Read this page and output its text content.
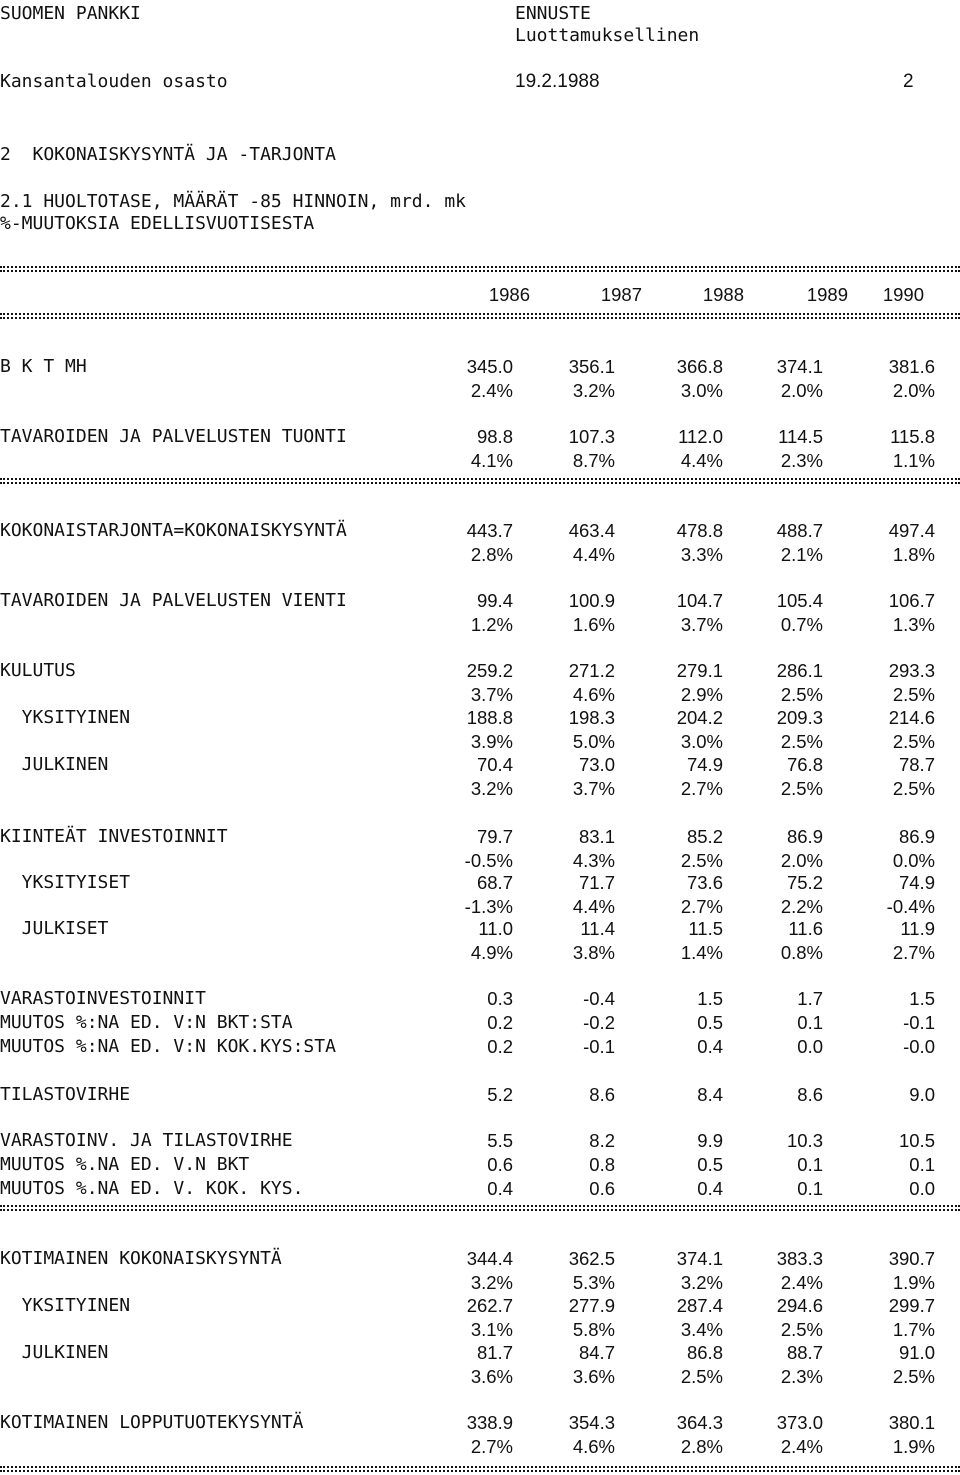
SUOMEN PANKKI	ENNUSTE
Luottamuksellinen
Kansantalouden osasto	19.2.1988	2
2  KOKONAISKYSYNTÄ JA -TARJONTA
2.1 HUOLTOTASE, MÄÄRÄT -85 HINNOIN, mrd. mk
%-MUUTOKSIA EDELLISVUOTISESTA
1986	1987	1988	1989	1990
B K T MH	345.0	356.1	366.8	374.1	381.6
2.4%	3.2%	3.0%	2.0%	2.0%
TAVAROIDEN JA PALVELUSTEN TUONTI	98.8	107.3	112.0	114.5	115.8
4.1%	8.7%	4.4%	2.3%	1.1%
KOKONAISTARJONTA=KOKONAISKYSYNTÄ	443.7	463.4	478.8	488.7	497.4
2.8%	4.4%	3.3%	2.1%	1.8%
TAVAROIDEN JA PALVELUSTEN VIENTI	99.4	100.9	104.7	105.4	106.7
1.2%	1.6%	3.7%	0.7%	1.3%
KULUTUS	259.2	271.2	279.1	286.1	293.3
3.7%	4.6%	2.9%	2.5%	2.5%
YKSITYINEN	188.8	198.3	204.2	209.3	214.6
3.9%	5.0%	3.0%	2.5%	2.5%
JULKINEN	70.4	73.0	74.9	76.8	78.7
3.2%	3.7%	2.7%	2.5%	2.5%
KIINTEÄT INVESTOINNIT	79.7	83.1	85.2	86.9	86.9
-0.5%	4.3%	2.5%	2.0%	0.0%
YKSITYISET	68.7	71.7	73.6	75.2	74.9
-1.3%	4.4%	2.7%	2.2%	-0.4%
JULKISET	11.0	11.4	11.5	11.6	11.9
4.9%	3.8%	1.4%	0.8%	2.7%
VARASTOINVESTOINNIT	0.3	-0.4	1.5	1.7	1.5
MUUTOS %:NA ED. V:N BKT:STA	0.2	-0.2	0.5	0.1	-0.1
MUUTOS %:NA ED. V:N KOK.KYS:STA	0.2	-0.1	0.4	0.0	-0.0
TILASTOVIRHE	5.2	8.6	8.4	8.6	9.0
VARASTOINV. JA TILASTOVIRHE	5.5	8.2	9.9	10.3	10.5
MUUTOS %.NA ED. V.N BKT	0.6	0.8	0.5	0.1	0.1
MUUTOS %.NA ED. V. KOK. KYS.	0.4	0.6	0.4	0.1	0.0
KOTIMAINEN KOKONAISKYSYNTÄ	344.4	362.5	374.1	383.3	390.7
3.2%	5.3%	3.2%	2.4%	1.9%
YKSITYINEN	262.7	277.9	287.4	294.6	299.7
3.1%	5.8%	3.4%	2.5%	1.7%
JULKINEN	81.7	84.7	86.8	88.7	91.0
3.6%	3.6%	2.5%	2.3%	2.5%
KOTIMAINEN LOPPUTUOTEKYSYNTÄ	338.9	354.3	364.3	373.0	380.1
2.7%	4.6%	2.8%	2.4%	1.9%
